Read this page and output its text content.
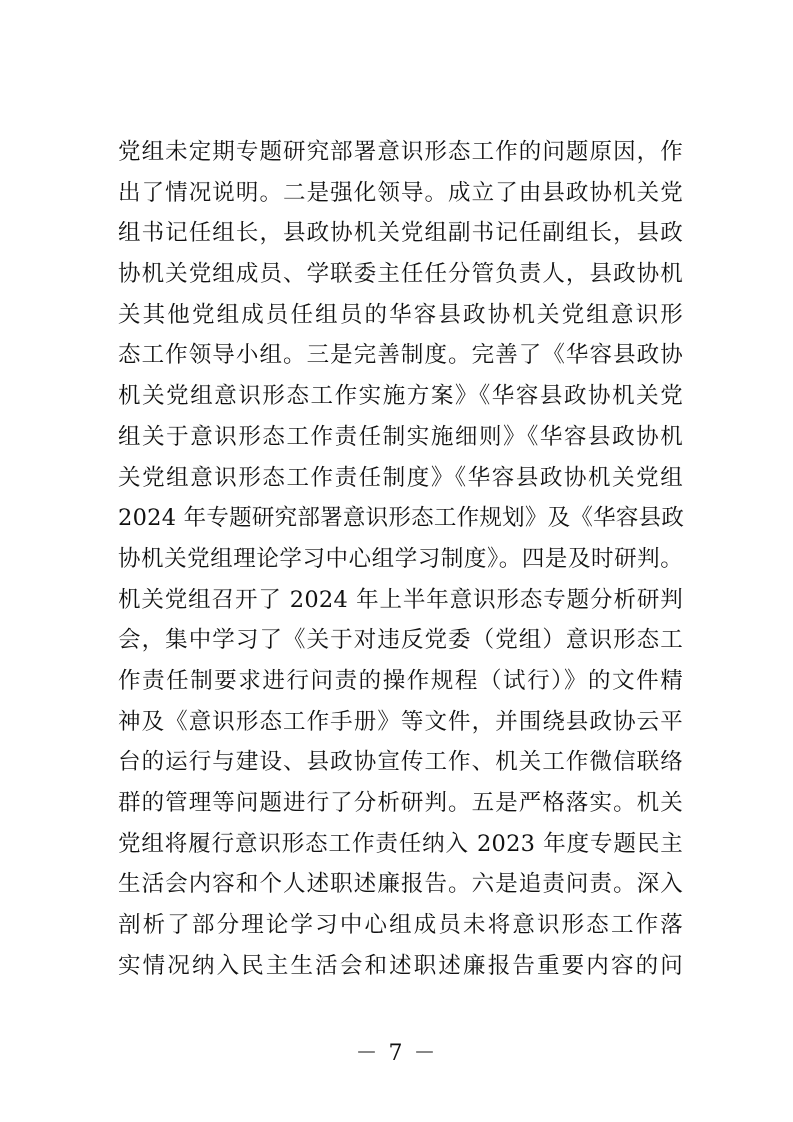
党组未定期专题研究部署意识形态工作的问题原因，作
出了情况说明。二是强化领导。成立了由县政协机关党
组书记任组长，县政协机关党组副书记任副组长，县政
协机关党组成员、学联委主任任分管负责人，县政协机
关其他党组成员任组员的华容县政协机关党组意识形
态工作领导小组。三是完善制度。完善了《华容县政协
机关党组意识形态工作实施方案》《华容县政协机关党
组关于意识形态工作责任制实施细则》《华容县政协机
关党组意识形态工作责任制度》《华容县政协机关党组
2024 年专题研究部署意识形态工作规划》及《华容县政
协机关党组理论学习中心组学习制度》。四是及时研判。
机关党组召开了 2024 年上半年意识形态专题分析研判
会，集中学习了《关于对违反党委（党组）意识形态工
作责任制要求进行问责的操作规程（试行）》的文件精
神及《意识形态工作手册》等文件，并围绕县政协云平
台的运行与建设、县政协宣传工作、机关工作微信联络
群的管理等问题进行了分析研判。五是严格落实。机关
党组将履行意识形态工作责任纳入 2023 年度专题民主
生活会内容和个人述职述廉报告。六是追责问责。深入
剖析了部分理论学习中心组成员未将意识形态工作落
实情况纳入民主生活会和述职述廉报告重要内容的问
－ 7 －
